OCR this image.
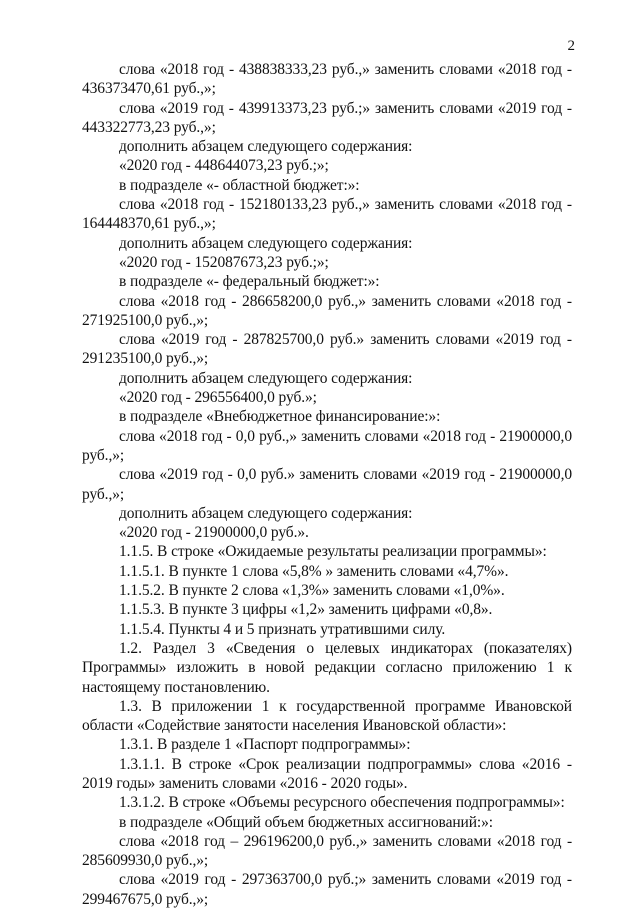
2

слова «2018 год - 438838333,23 руб.,» заменить словами «2018 год - 436373470,61 руб.,»;

слова «2019 год - 439913373,23 руб.;» заменить словами «2019 год - 443322773,23 руб.,»;

дополнить абзацем следующего содержания:

«2020 год - 448644073,23 руб.;»;

в подразделе «- областной бюджет:»:

слова «2018 год - 152180133,23 руб.,» заменить словами «2018 год - 164448370,61 руб.,»;

дополнить абзацем следующего содержания:

«2020 год - 152087673,23 руб.;»;

в подразделе «- федеральный бюджет:»:

слова «2018 год - 286658200,0 руб.,» заменить словами «2018 год - 271925100,0 руб.,»;

слова «2019 год - 287825700,0 руб.» заменить словами «2019 год - 291235100,0 руб.,»;

дополнить абзацем следующего содержания:

«2020 год - 296556400,0 руб.»;

в подразделе «Внебюджетное финансирование:»:

слова «2018 год - 0,0 руб.,» заменить словами «2018 год - 21900000,0 руб.,»;

слова «2019 год - 0,0 руб.» заменить словами «2019 год - 21900000,0 руб.,»;

дополнить абзацем следующего содержания:

«2020 год - 21900000,0 руб.».

1.1.5. В строке «Ожидаемые результаты реализации программы»:

1.1.5.1. В пункте 1 слова «5,8% » заменить словами «4,7%».

1.1.5.2. В пункте 2 слова «1,3%» заменить словами «1,0%».

1.1.5.3. В пункте 3 цифры «1,2» заменить цифрами «0,8».

1.1.5.4. Пункты 4 и 5 признать утратившими силу.

1.2. Раздел 3 «Сведения о целевых индикаторах (показателях) Программы» изложить в новой редакции согласно приложению 1 к настоящему постановлению.

1.3. В приложении 1 к государственной программе Ивановской области «Содействие занятости населения Ивановской области»:

1.3.1. В разделе 1 «Паспорт подпрограммы»:

1.3.1.1. В строке «Срок реализации подпрограммы» слова «2016 - 2019 годы» заменить словами «2016 - 2020 годы».

1.3.1.2. В строке «Объемы ресурсного обеспечения подпрограммы»:

в подразделе «Общий объем бюджетных ассигнований:»:

слова «2018 год – 296196200,0 руб.,» заменить словами «2018 год - 285609930,0 руб.,»;

слова «2019 год - 297363700,0 руб.;» заменить словами «2019 год - 299467675,0 руб.,»;
